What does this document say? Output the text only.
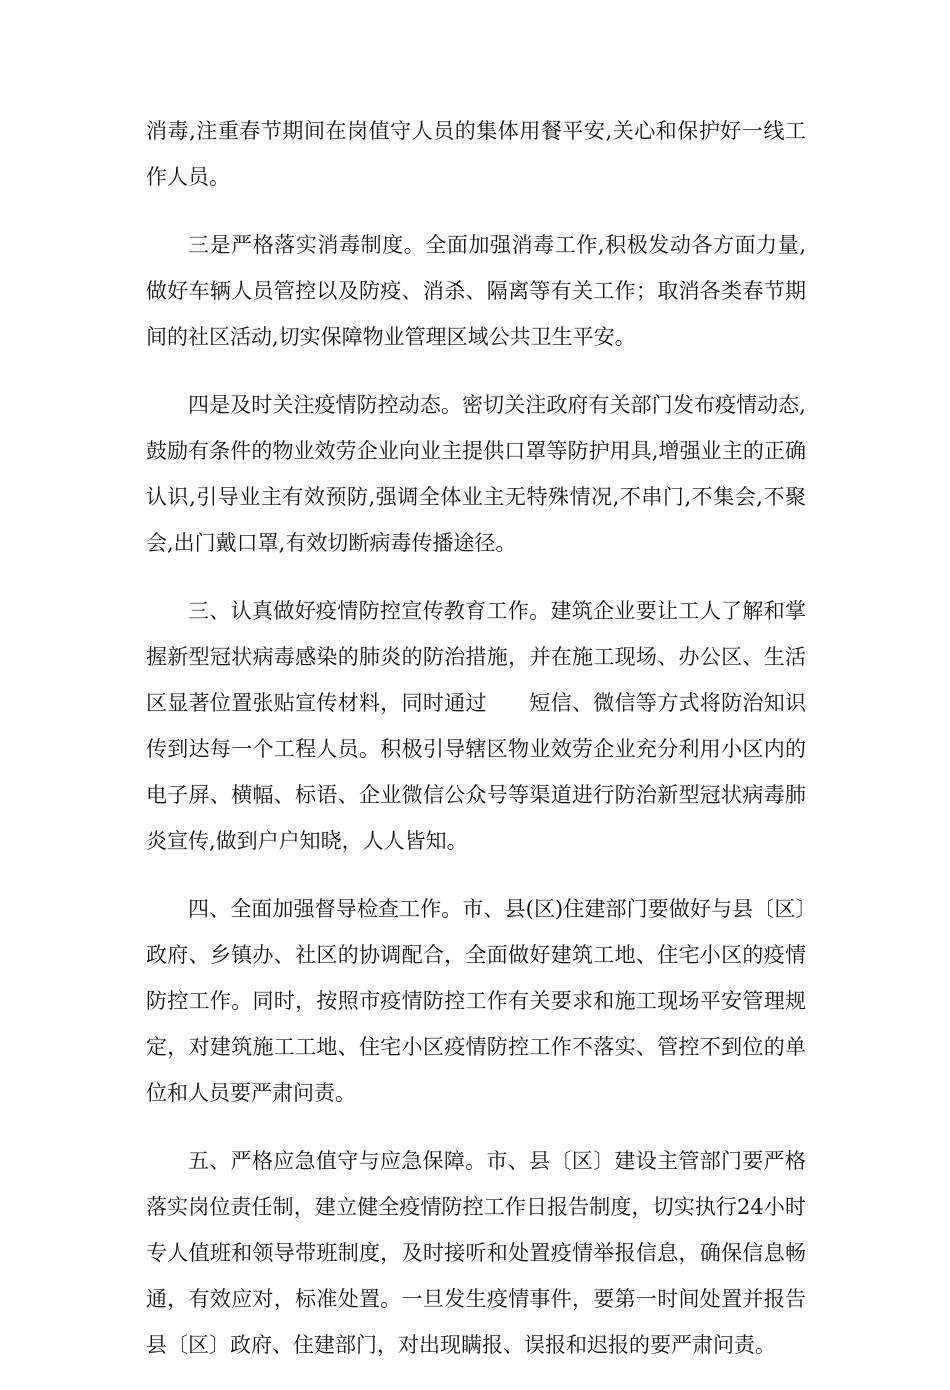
消毒,注重春节期间在岗值守人员的集体用餐平安,关心和保护好一线工作人员。

三是严格落实消毒制度。全面加强消毒工作,积极发动各方面力量,做好车辆人员管控以及防疫、消杀、隔离等有关工作；取消各类春节期间的社区活动,切实保障物业管理区域公共卫生平安。

四是及时关注疫情防控动态。密切关注政府有关部门发布疫情动态,鼓励有条件的物业效劳企业向业主提供口罩等防护用具,增强业主的正确认识,引导业主有效预防,强调全体业主无特殊情况,不串门,不集会,不聚会,出门戴口罩,有效切断病毒传播途径。

三、认真做好疫情防控宣传教育工作。建筑企业要让工人了解和掌握新型冠状病毒感染的肺炎的防治措施，并在施工现场、办公区、生活区显著位置张贴宣传材料，同时通过　　短信、微信等方式将防治知识传到达每一个工程人员。积极引导辖区物业效劳企业充分利用小区内的电子屏、横幅、标语、企业微信公众号等渠道进行防治新型冠状病毒肺炎宣传,做到户户知晓，人人皆知。

四、全面加强督导检查工作。市、县(区)住建部门要做好与县〔区〕政府、乡镇办、社区的协调配合，全面做好建筑工地、住宅小区的疫情防控工作。同时，按照市疫情防控工作有关要求和施工现场平安管理规定，对建筑施工工地、住宅小区疫情防控工作不落实、管控不到位的单位和人员要严肃问责。

五、严格应急值守与应急保障。市、县〔区〕建设主管部门要严格落实岗位责任制，建立健全疫情防控工作日报告制度，切实执行24小时专人值班和领导带班制度，及时接听和处置疫情举报信息，确保信息畅通，有效应对，标准处置。一旦发生疫情事件，要第一时间处置并报告县〔区〕政府、住建部门，对出现瞒报、误报和迟报的要严肃问责。
